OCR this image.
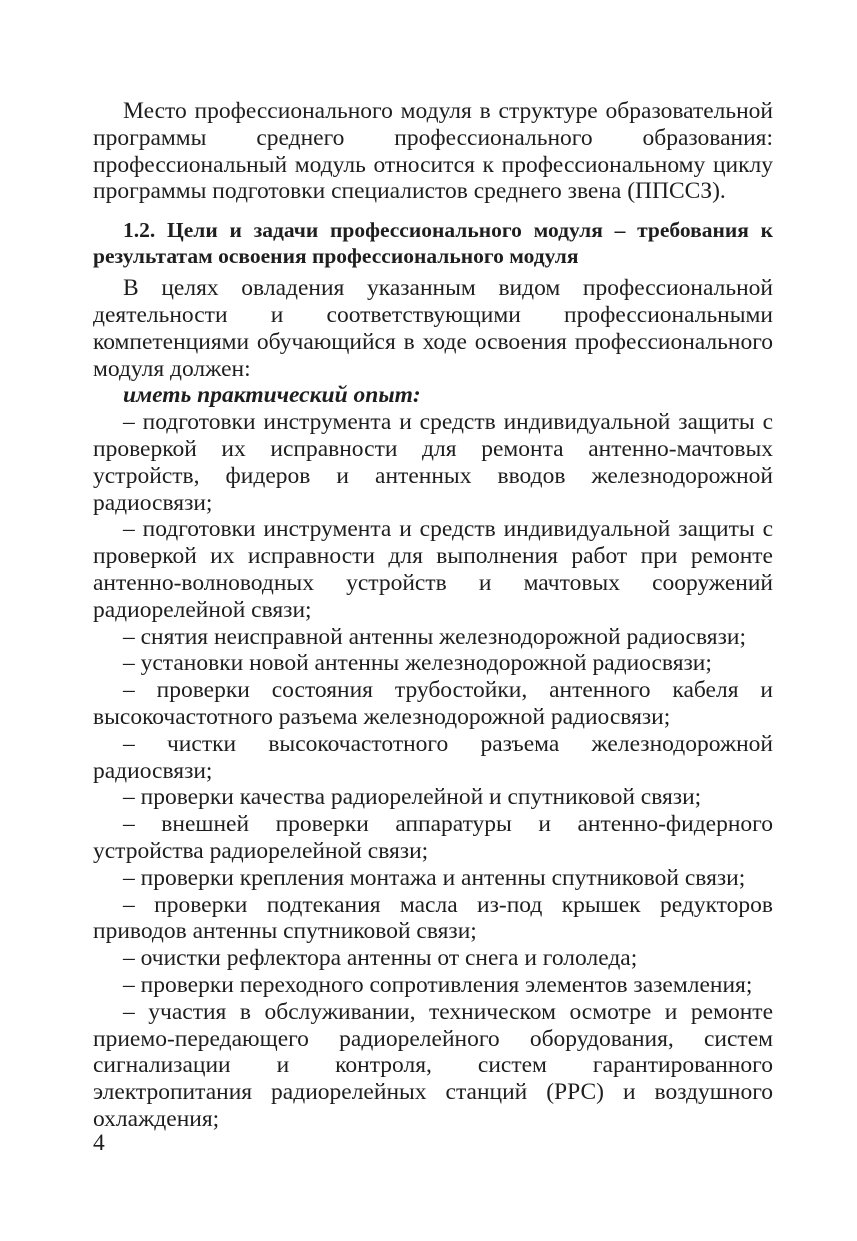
Место профессионального модуля в структуре образовательной программы среднего профессионального образования: профессиональный модуль относится к профессиональному циклу программы подготовки специалистов среднего звена (ППССЗ).

1.2. Цели и задачи профессионального модуля – требования к результатам освоения профессионального модуля

В целях овладения указанным видом профессиональной деятельности и соответствующими профессиональными компетенциями обучающийся в ходе освоения профессионального модуля должен:

иметь практический опыт:

– подготовки инструмента и средств индивидуальной защиты с проверкой их исправности для ремонта антенно-мачтовых устройств, фидеров и антенных вводов железнодорожной радиосвязи;
– подготовки инструмента и средств индивидуальной защиты с проверкой их исправности для выполнения работ при ремонте антенно-волноводных устройств и мачтовых сооружений радиорелейной связи;
– снятия неисправной антенны железнодорожной радиосвязи;
– установки новой антенны железнодорожной радиосвязи;
– проверки состояния трубостойки, антенного кабеля и высокочастотного разъема железнодорожной радиосвязи;
– чистки высокочастотного разъема железнодорожной радиосвязи;
– проверки качества радиорелейной и спутниковой связи;
– внешней проверки аппаратуры и антенно-фидерного устройства радиорелейной связи;
– проверки крепления монтажа и антенны спутниковой связи;
– проверки подтекания масла из-под крышек редукторов приводов антенны спутниковой связи;
– очистки рефлектора антенны от снега и гололеда;
– проверки переходного сопротивления элементов заземления;
– участия в обслуживании, техническом осмотре и ремонте приемо-передающего радиорелейного оборудования, систем сигнализации и контроля, систем гарантированного электропитания радиорелейных станций (РРС) и воздушного охлаждения;
4
